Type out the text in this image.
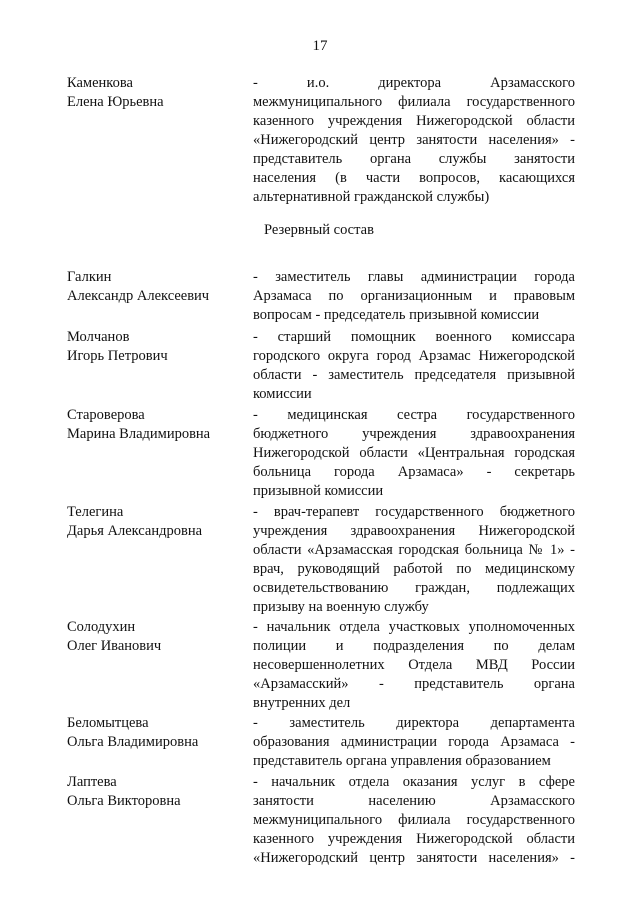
17
Каменкова
Елена Юрьевна
- и.о. директора Арзамасского
межмуниципального филиала государственного
казенного учреждения Нижегородской области
«Нижегородский центр занятости населения» -
представитель органа службы занятости
населения (в части вопросов, касающихся
альтернативной гражданской службы)
Резервный состав
Галкин
Александр Алексеевич
- заместитель главы администрации города
Арзамаса по организационным и правовым
вопросам - председатель призывной комиссии
Молчанов
Игорь Петрович
- старший помощник военного комиссара
городского округа город Арзамас Нижегородской
области - заместитель председателя призывной
комиссии
Староверова
Марина Владимировна
- медицинская сестра государственного
бюджетного учреждения здравоохранения
Нижегородской области «Центральная городская
больница города Арзамаса» - секретарь
призывной комиссии
Телегина
Дарья Александровна
- врач-терапевт государственного бюджетного
учреждения здравоохранения Нижегородской
области «Арзамасская городская больница № 1» -
врач, руководящий работой по медицинскому
освидетельствованию граждан, подлежащих
призыву на военную службу
Солодухин
Олег Иванович
- начальник отдела участковых уполномоченных
полиции и подразделения по делам
несовершеннолетних Отдела МВД России
«Арзамасский» - представитель органа
внутренних дел
Беломытцева
Ольга Владимировна
- заместитель директора департамента
образования администрации города Арзамаса -
представитель органа управления образованием
Лаптева
Ольга Викторовна
- начальник отдела оказания услуг в сфере
занятости населению Арзамасского
межмуниципального филиала государственного
казенного учреждения Нижегородской области
«Нижегородский центр занятости населения» -
